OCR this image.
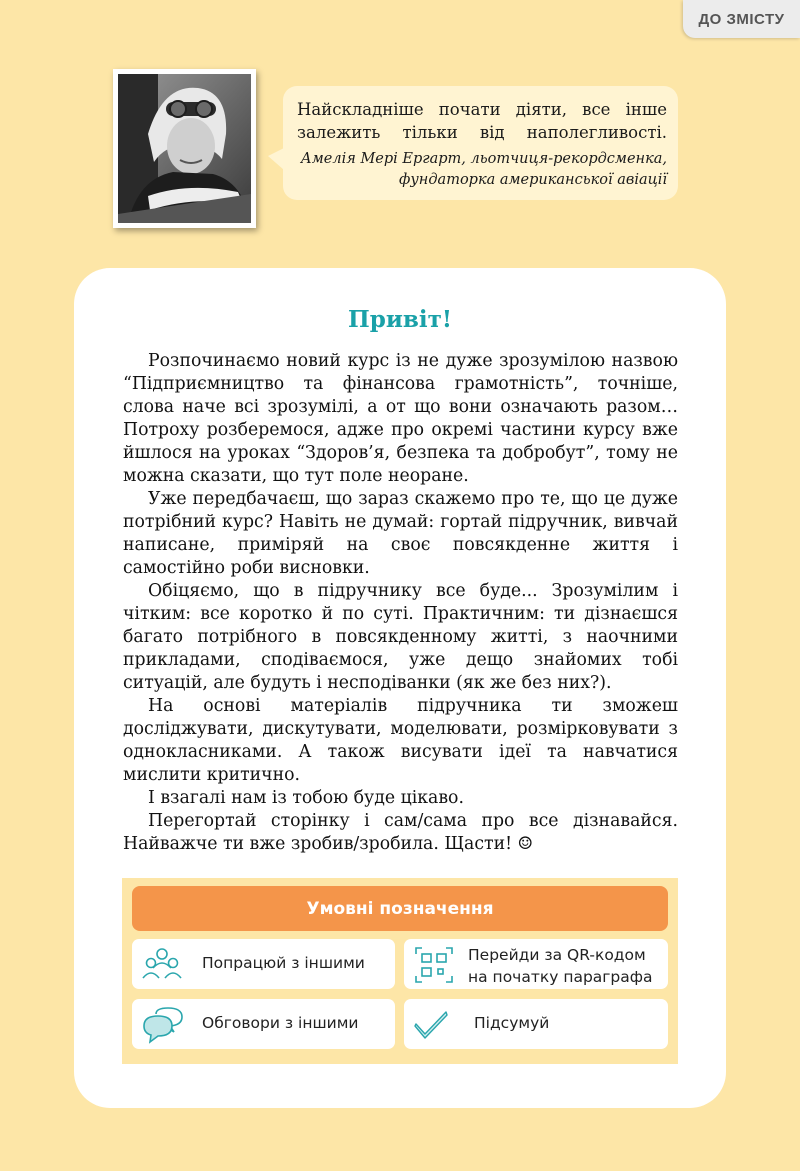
ДО ЗМІСТУ
Найскладніше почати діяти, все інше залежить тільки від наполегливості.
Амелія Мері Ергарт, льотчиця-рекордсменка,
фундаторка американської авіації
Привіт!

Розпочинаємо новий курс із не дуже зрозумілою назвою “Підприємництво та фінансова грамотність”, точніше, слова наче всі зрозумілі, а от що вони означають разом… Потроху розберемося, адже про окремі частини курсу вже йшлося на уроках “Здоров’я, безпека та добробут”, тому не можна сказати, що тут поле неоране.

Уже передбачаєш, що зараз скажемо про те, що це дуже потрібний курс? Навіть не думай: гортай підручник, вивчай написане, приміряй на своє повсякденне життя і самостійно роби висновки.

Обіцяємо, що в підручнику все буде... Зрозумілим і чітким: все коротко й по суті. Практичним: ти дізнаєшся багато потрібного в повсякденному житті, з наочними прикладами, сподіваємося, уже дещо знайомих тобі ситуацій, але будуть і несподіванки (як же без них?).

На основі матеріалів підручника ти зможеш досліджувати, дискутувати, моделювати, розмірковувати з однокласниками. А також висувати ідеї та навчатися мислити критично.

І взагалі нам із тобою буде цікаво.

Перегортай сторінку і сам/сама про все дізнавайся. Найважче ти вже зробив/зробила. Щасти! ☺

Умовні позначення
Попрацюй з іншими	Перейди за QR-кодом
на початку параграфа
Обговори з іншими	Підсумуй
